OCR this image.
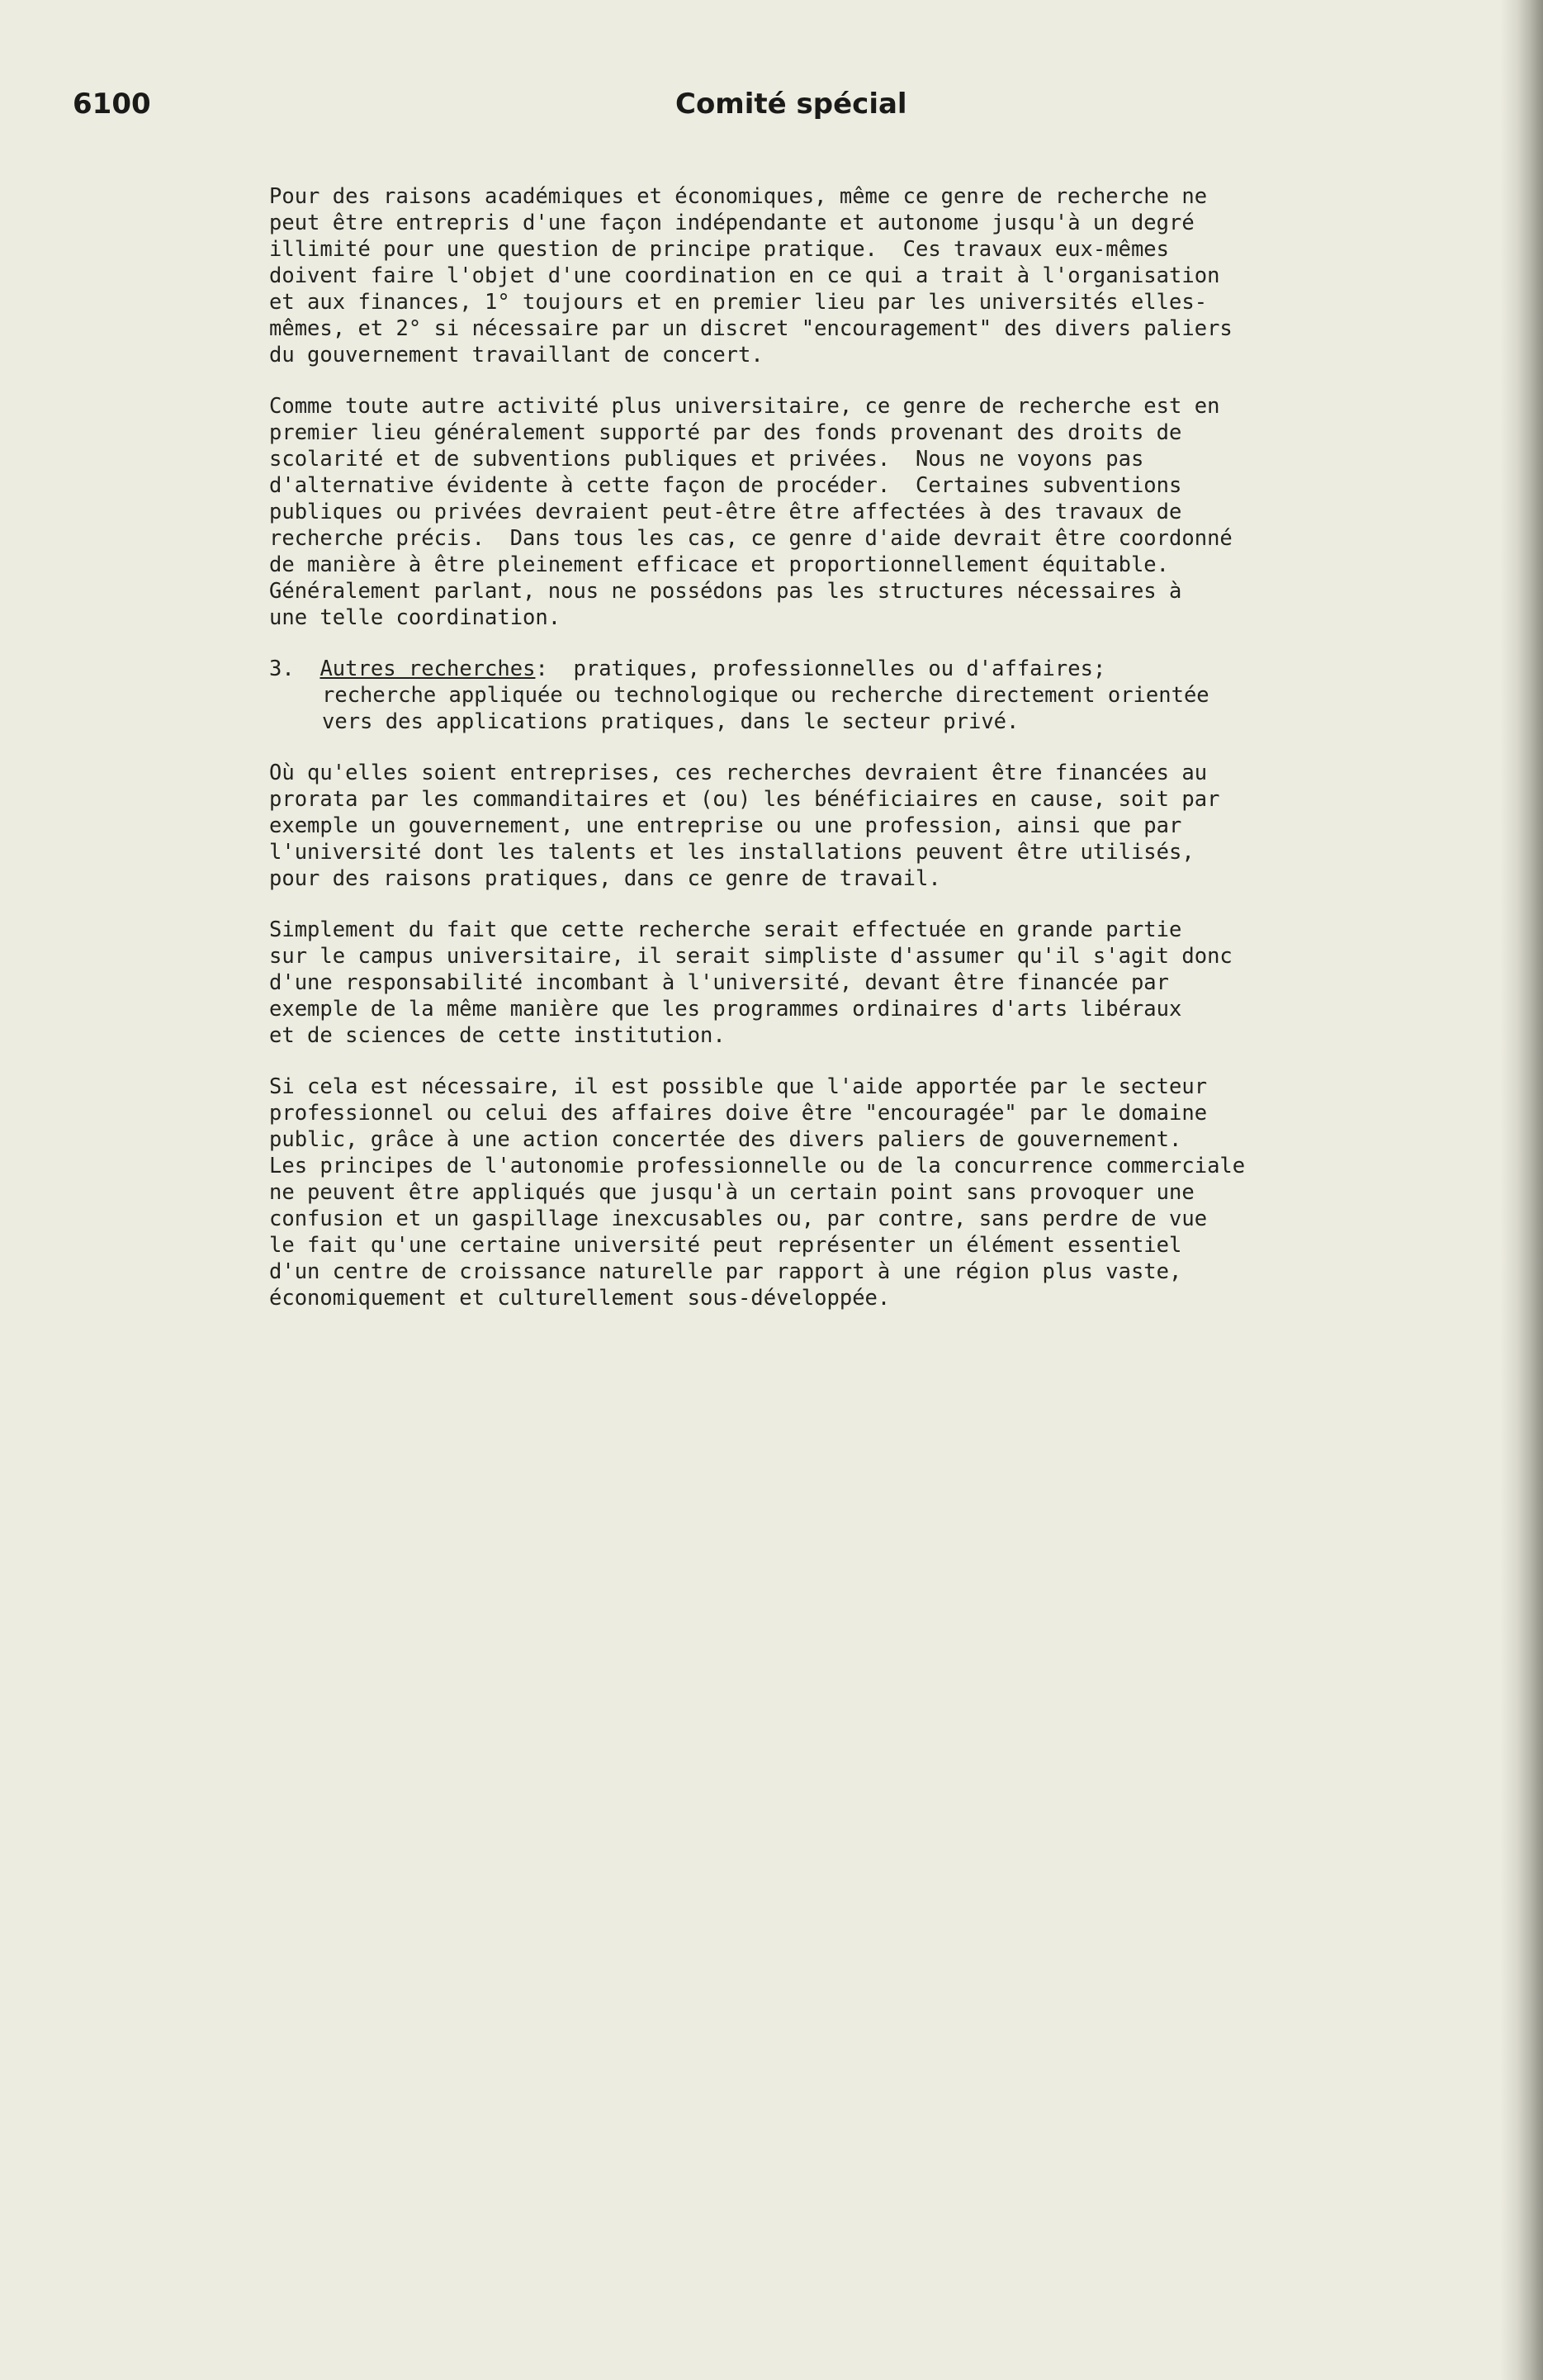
6100	Comité spécial
Pour des raisons académiques et économiques, même ce genre de recherche ne
peut être entrepris d'une façon indépendante et autonome jusqu'à un degré
illimité pour une question de principe pratique.  Ces travaux eux-mêmes
doivent faire l'objet d'une coordination en ce qui a trait à l'organisation
et aux finances, 1° toujours et en premier lieu par les universités elles-
mêmes, et 2° si nécessaire par un discret "encouragement" des divers paliers
du gouvernement travaillant de concert.
Comme toute autre activité plus universitaire, ce genre de recherche est en
premier lieu généralement supporté par des fonds provenant des droits de
scolarité et de subventions publiques et privées.  Nous ne voyons pas
d'alternative évidente à cette façon de procéder.  Certaines subventions
publiques ou privées devraient peut-être être affectées à des travaux de
recherche précis.  Dans tous les cas, ce genre d'aide devrait être coordonné
de manière à être pleinement efficace et proportionnellement équitable.
Généralement parlant, nous ne possédons pas les structures nécessaires à
une telle coordination.
3. Autres recherches:  pratiques, professionnelles ou d'affaires;
recherche appliquée ou technologique ou recherche directement orientée
vers des applications pratiques, dans le secteur privé.
Où qu'elles soient entreprises, ces recherches devraient être financées au
prorata par les commanditaires et (ou) les bénéficiaires en cause, soit par
exemple un gouvernement, une entreprise ou une profession, ainsi que par
l'université dont les talents et les installations peuvent être utilisés,
pour des raisons pratiques, dans ce genre de travail.
Simplement du fait que cette recherche serait effectuée en grande partie
sur le campus universitaire, il serait simpliste d'assumer qu'il s'agit donc
d'une responsabilité incombant à l'université, devant être financée par
exemple de la même manière que les programmes ordinaires d'arts libéraux
et de sciences de cette institution.
Si cela est nécessaire, il est possible que l'aide apportée par le secteur
professionnel ou celui des affaires doive être "encouragée" par le domaine
public, grâce à une action concertée des divers paliers de gouvernement.
Les principes de l'autonomie professionnelle ou de la concurrence commerciale
ne peuvent être appliqués que jusqu'à un certain point sans provoquer une
confusion et un gaspillage inexcusables ou, par contre, sans perdre de vue
le fait qu'une certaine université peut représenter un élément essentiel
d'un centre de croissance naturelle par rapport à une région plus vaste,
économiquement et culturellement sous-développée.
